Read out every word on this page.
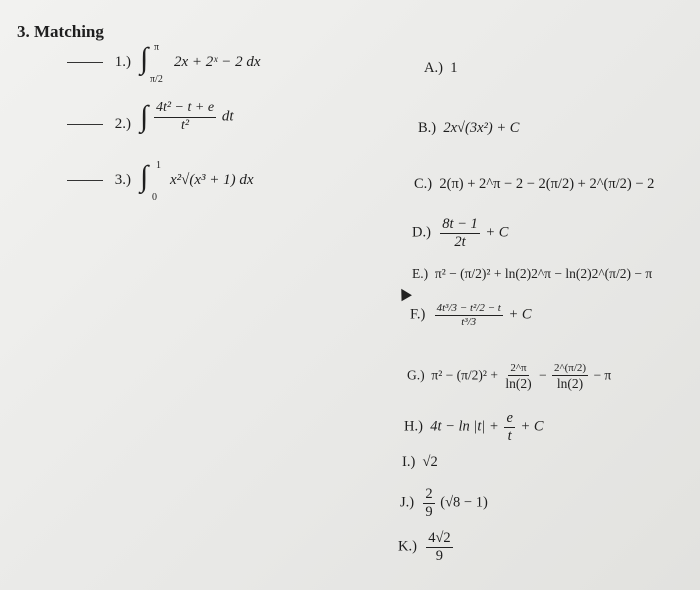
3. Matching
1.) ∫ π
π/2
2x + 2ˣ − 2 dx
2.) ∫ $\frac{\text{4t² − t + e}}{\text{t²}}$ dt
3.) ∫ 1
0
x²√(x³ + 1) dx
A.) 1
B.) 2x√(3x²) + C
C.) 2(π) + 2^π − 2 − 2(π/2) + 2^(π/2) − 2
$D.) \frac{8t - 1}{2t} + C$
E.) π² − (π/2)² + ln(2)2^π − ln(2)2^(π/2) − π
$F.) \frac{\text{4t³/3 − t²/2 − t}}{\text{t³/3}} + C$
G.) $\pi^2 - (\pi/2)^2 + \frac{2\^{}\pi}{\ln(2)} - \frac{2\^{}(\pi/2)}{\ln(2)} - \pi$
H.) $4t - \ln |t| + \frac{e}{t} + C$
I.) √2
$J.) \frac{2}{9} (√8 - 1)$
$K.) \frac{4√2}{9}$
